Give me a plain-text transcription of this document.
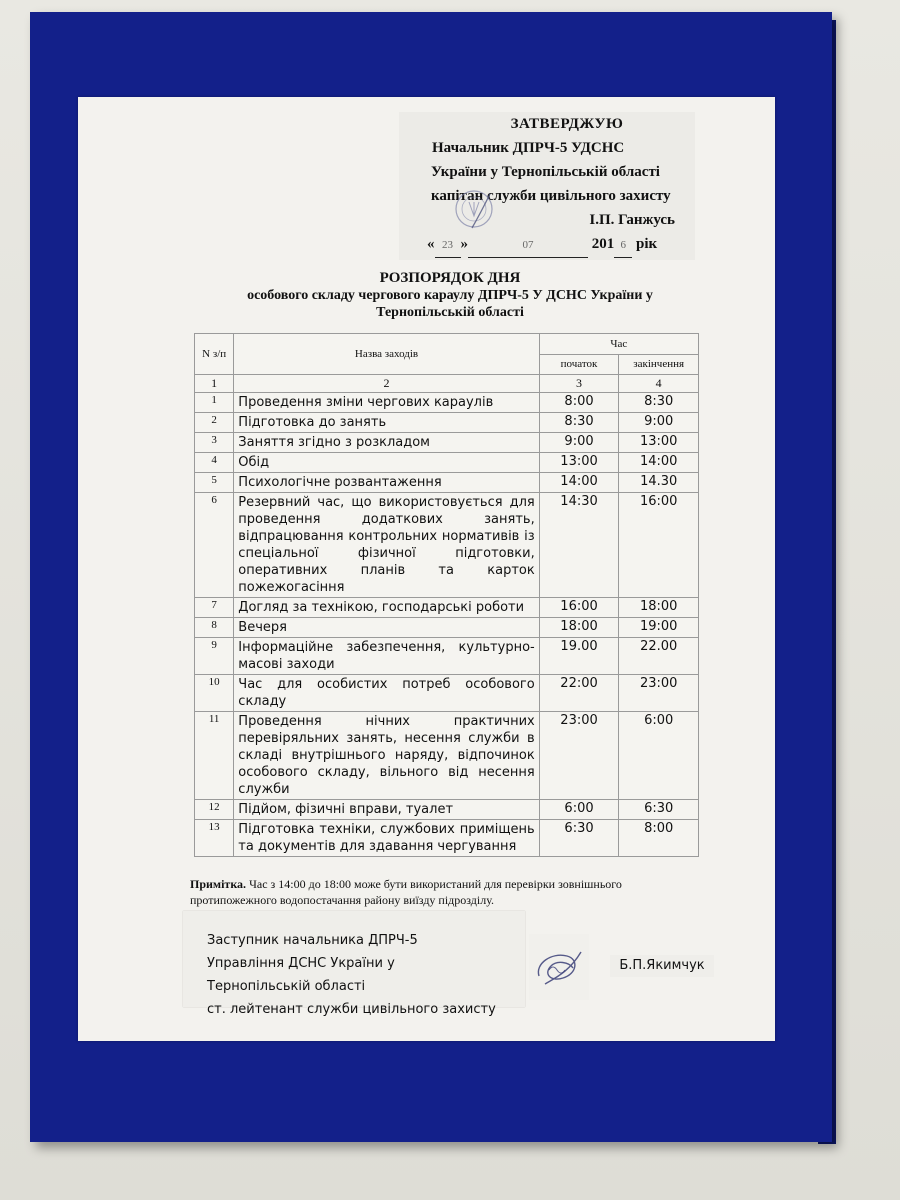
ЗАТВЕРДЖУЮ
Начальник ДПРЧ-5 УДСНС
України у Тернопільській області
капітан служби цивільного захисту
І.П. Ганжусь
« 23 »	07	201 6 рік
РОЗПОРЯДОК ДНЯ
особового складу чергового караулу ДПРЧ-5 У ДСНС України у
Тернопільській області
N з/п	Назва заходів	Час	
		початок	закінчення
1	2	3	4
1	Проведення зміни чергових караулів	8:00	8:30
2	Підготовка до занять	8:30	9:00
3	Заняття згідно з розкладом	9:00	13:00
4	Обід	13:00	14:00
5	Психологічне розвантаження	14:00	14.30
6	Резервний час, що використовується для проведення додаткових занять, відпрацювання контрольних нормативів із спеціальної фізичної підготовки, оперативних планів та карток пожежогасіння	14:30	16:00
7	Догляд за технікою, господарські роботи	16:00	18:00
8	Вечеря	18:00	19:00
9	Інформаційне забезпечення, культурно-масові заходи	19.00	22.00
10	Час для особистих потреб особового складу	22:00	23:00
11	Проведення нічних практичних перевіряльних занять, несення служби в складі внутрішнього наряду, відпочинок особового складу, вільного від несення служби	23:00	6:00
12	Підйом, фізичні вправи, туалет	6:00	6:30
13	Підготовка техніки, службових приміщень та документів для здавання чергування	6:30	8:00
Примітка. Час з 14:00 до 18:00 може бути використаний для перевірки зовнішнього протипожежного водопостачання району виїзду підрозділу.
Заступник начальника ДПРЧ-5
Управління ДСНС України у
Тернопільській області
ст. лейтенант служби цивільного захисту
Б.П.Якимчук
